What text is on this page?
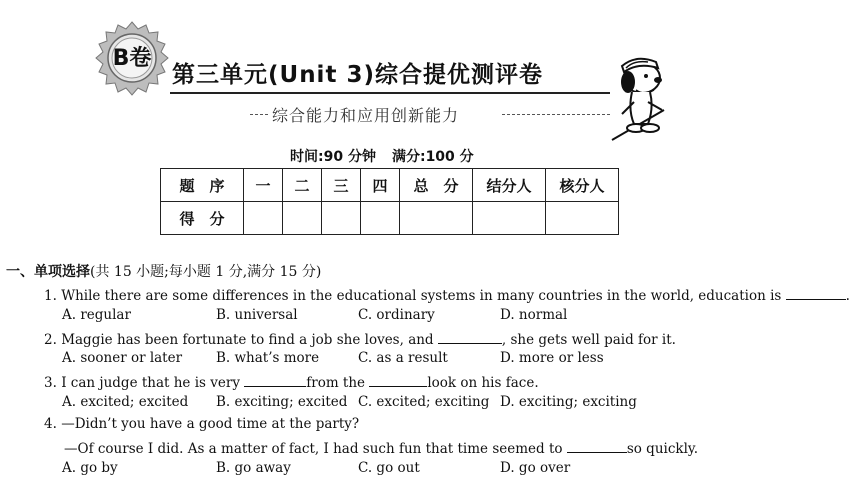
B卷
第三单元(Unit 3)综合提优测评卷
综合能力和应用创新能力
时间:90 分钟 满分:100 分
题　序	一	二	三	四	总　分	结分人	核分人
得　分							
一、单项选择(共 15 小题;每小题 1 分,满分 15 分)
1. While there are some differences in the educational systems in many countries in the world, education is	.
A. regular	B. universal	C. ordinary	D. normal
2. Maggie has been fortunate to find a job she loves, and	, she gets well paid for it.
A. sooner or later	B. what’s more	C. as a result	D. more or less
3. I can judge that he is very	from the	look on his face.
A. excited; excited B. exciting; excited C. excited; exciting D. exciting; exciting
4. —Didn’t you have a good time at the party?
—Of course I did. As a matter of fact, I had such fun that time seemed to	so quickly.
A. go by	B. go away	C. go out	D. go over
